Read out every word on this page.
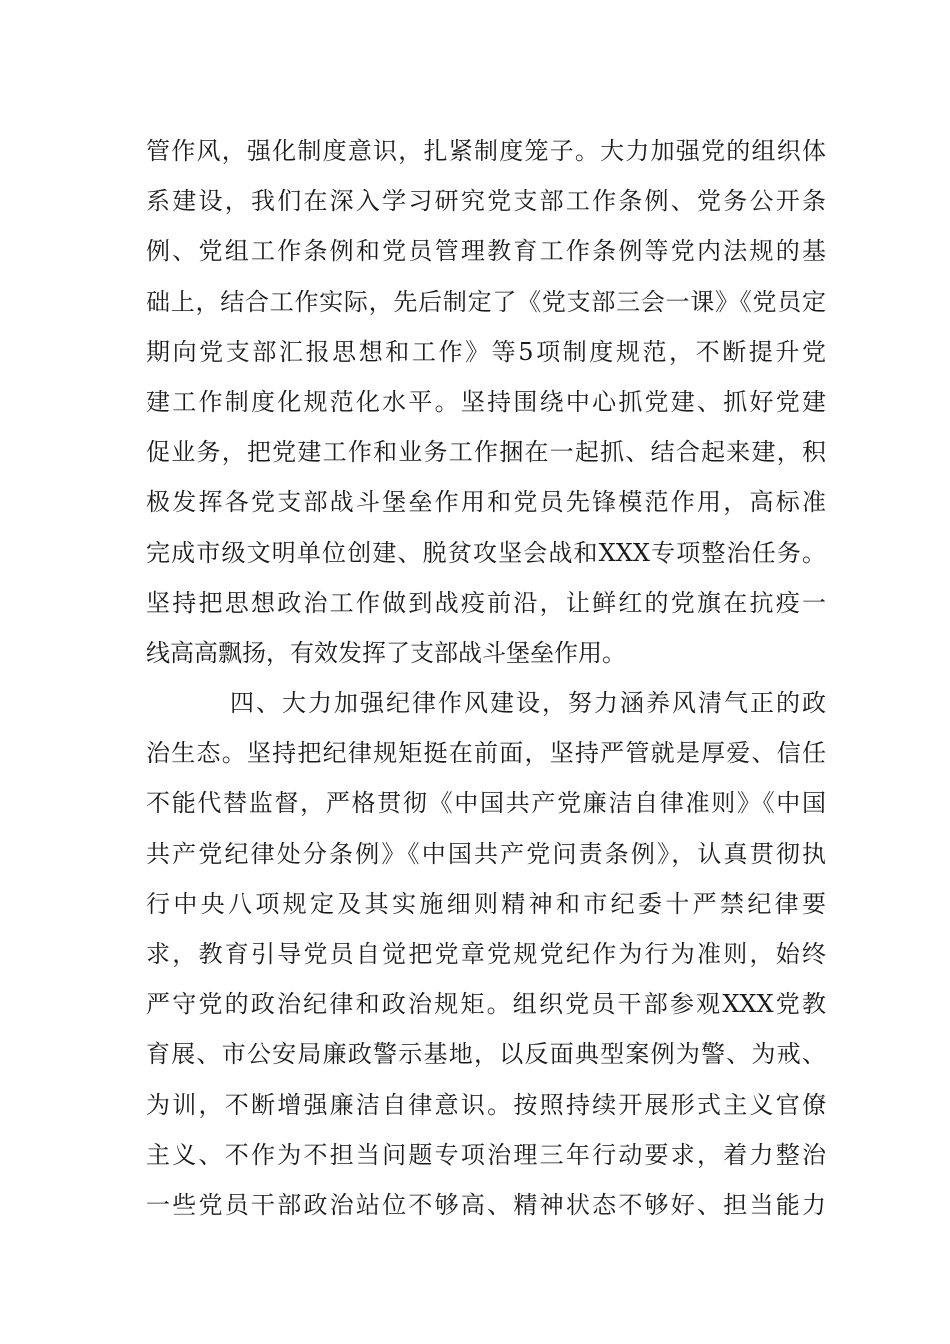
管作风，强化制度意识，扎紧制度笼子。大力加强党的组织体
系建设，我们在深入学习研究党支部工作条例、党务公开条
例、党组工作条例和党员管理教育工作条例等党内法规的基
础上，结合工作实际，先后制定了《党支部三会一课》《党员定
期向党支部汇报思想和工作》等5项制度规范，不断提升党
建工作制度化规范化水平。坚持围绕中心抓党建、抓好党建
促业务，把党建工作和业务工作捆在一起抓、结合起来建，积
极发挥各党支部战斗堡垒作用和党员先锋模范作用，高标准
完成市级文明单位创建、脱贫攻坚会战和XXX专项整治任务。
坚持把思想政治工作做到战疫前沿，让鲜红的党旗在抗疫一
线高高飘扬，有效发挥了支部战斗堡垒作用。
四、大力加强纪律作风建设，努力涵养风清气正的政
治生态。坚持把纪律规矩挺在前面，坚持严管就是厚爱、信任
不能代替监督，严格贯彻《中国共产党廉洁自律准则》《中国
共产党纪律处分条例》《中国共产党问责条例》，认真贯彻执
行中央八项规定及其实施细则精神和市纪委十严禁纪律要
求，教育引导党员自觉把党章党规党纪作为行为准则，始终
严守党的政治纪律和政治规矩。组织党员干部参观XXX党教
育展、市公安局廉政警示基地，以反面典型案例为警、为戒、
为训，不断增强廉洁自律意识。按照持续开展形式主义官僚
主义、不作为不担当问题专项治理三年行动要求，着力整治
一些党员干部政治站位不够高、精神状态不够好、担当能力
